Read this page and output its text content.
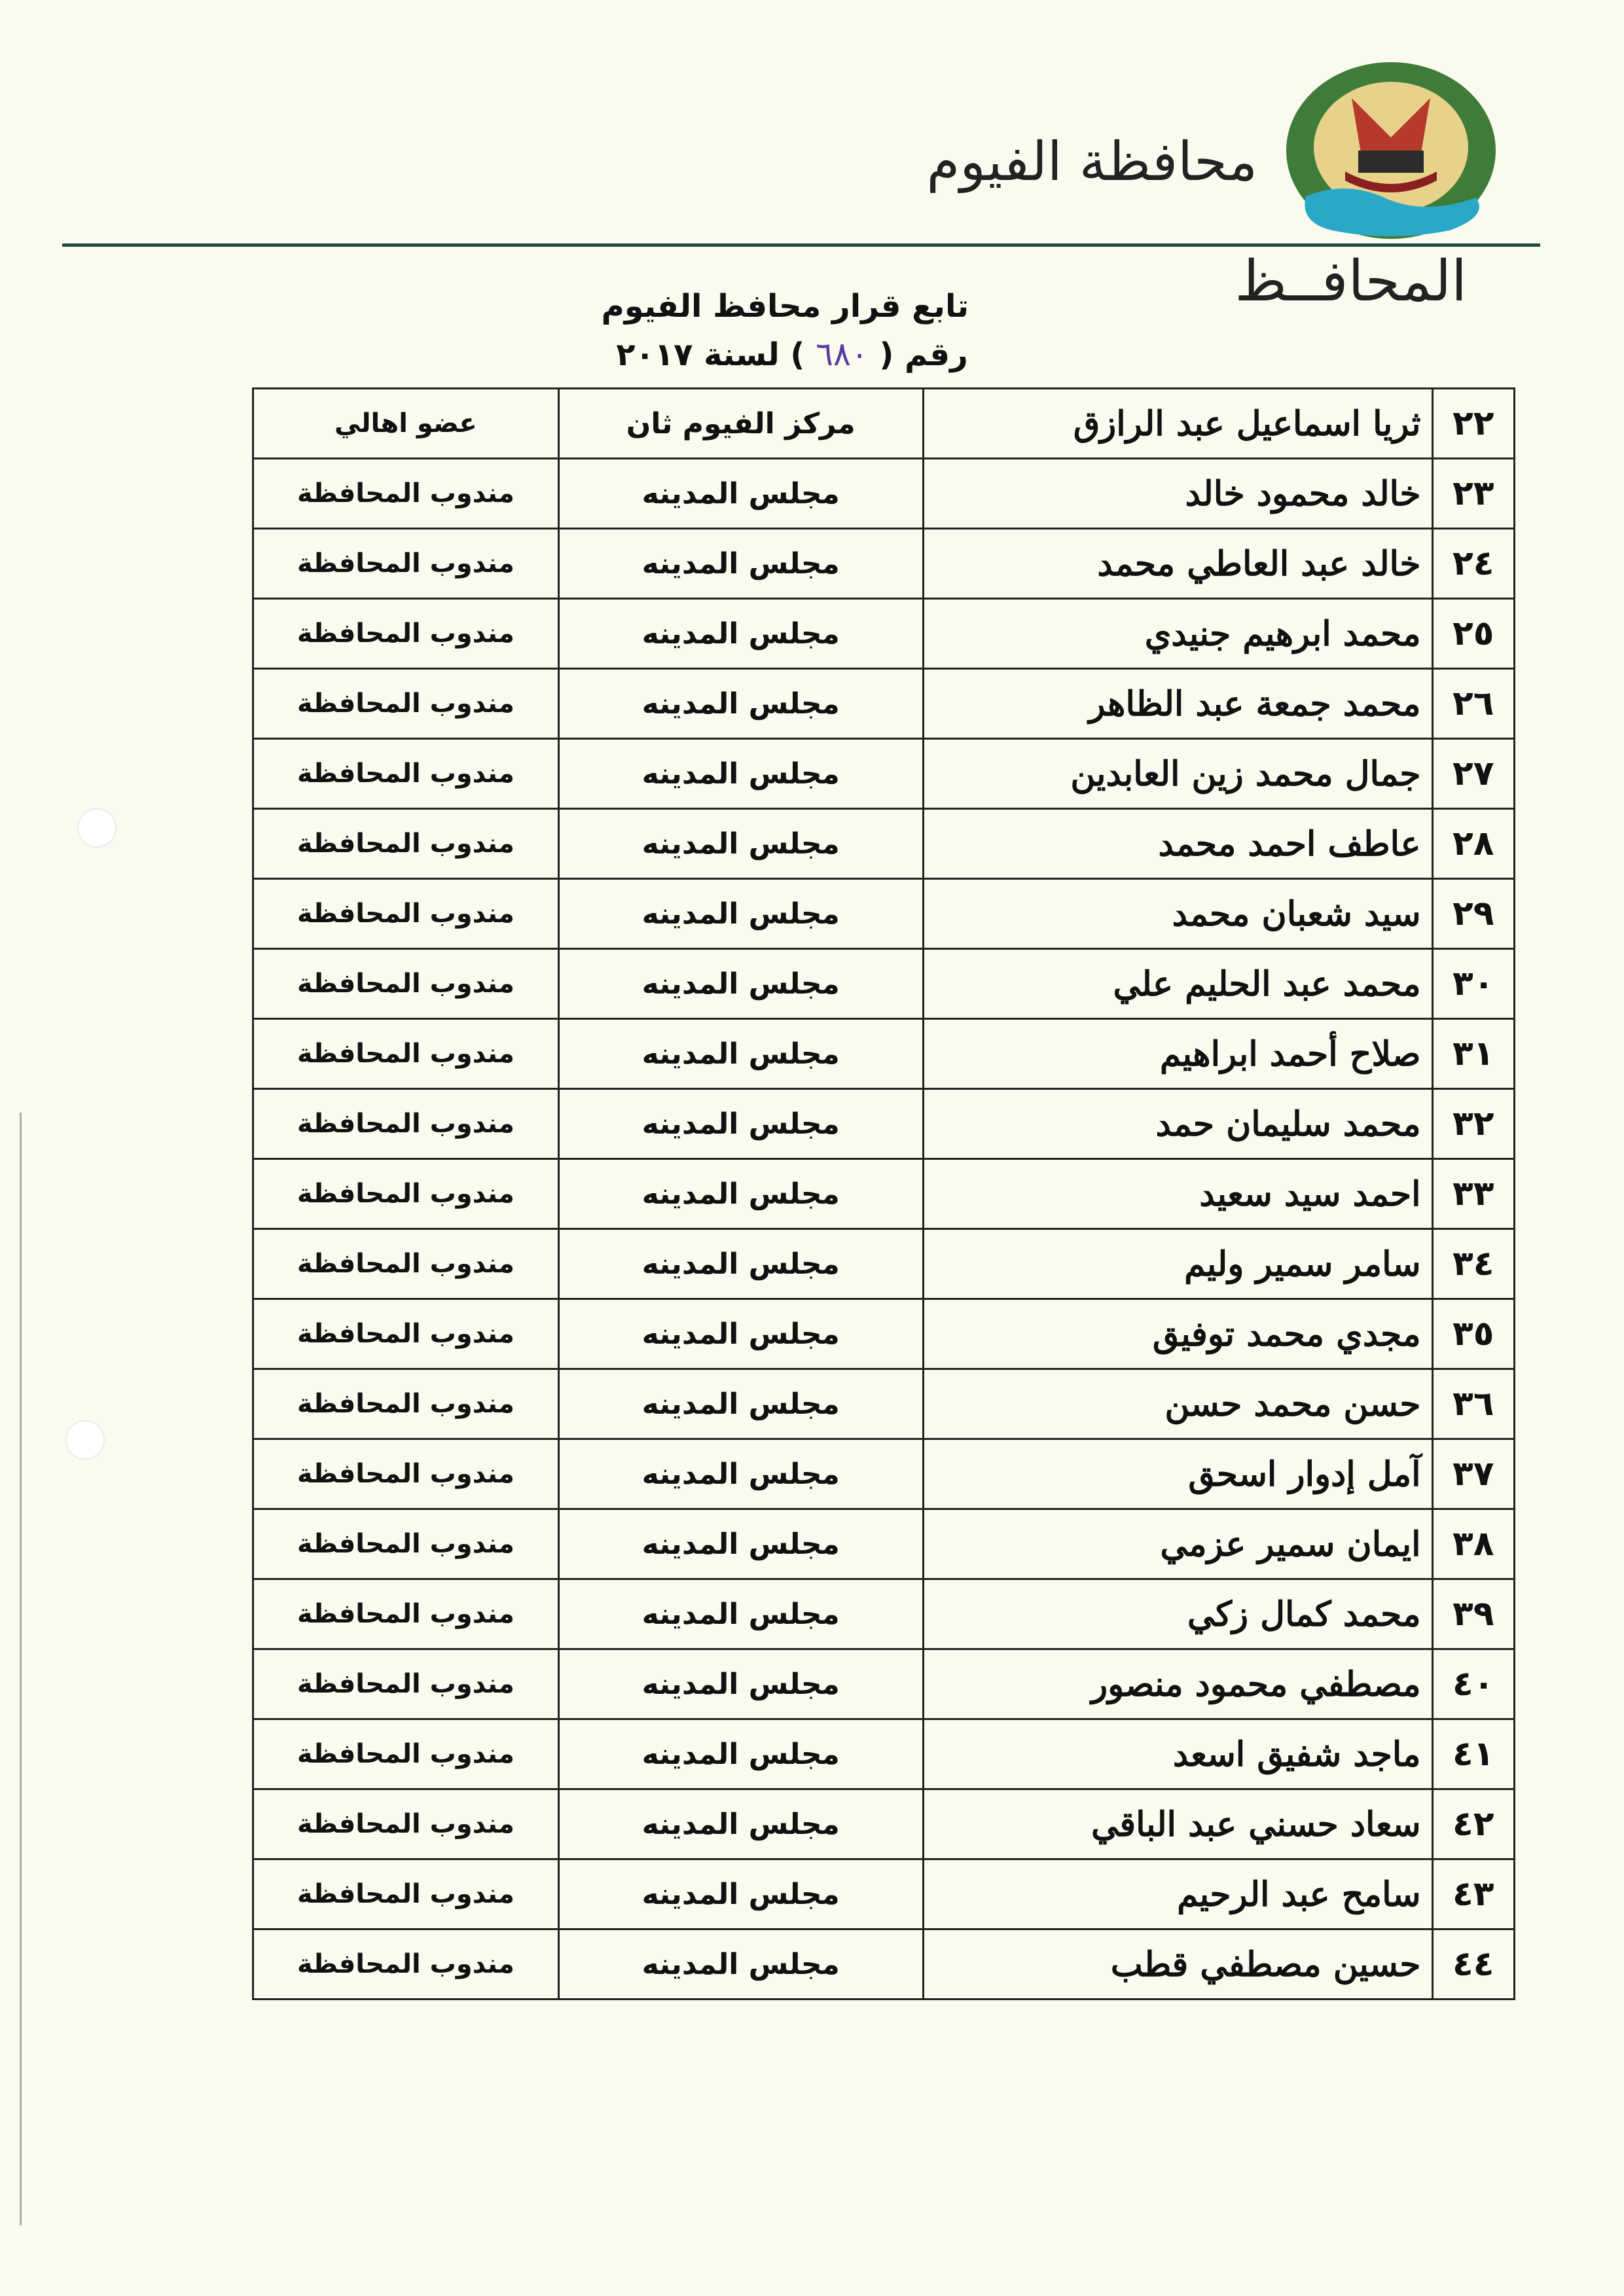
محافظة الفيوم
المحافــظ
تابع قرار محافظ الفيوم
رقم ( ٦٨٠ ) لسنة ٢٠١٧
٢٢	ثريا اسماعيل عبد الرازق	مركز الفيوم ثان	عضو اهالي
٢٣	خالد محمود خالد	مجلس المدينه	مندوب المحافظة
٢٤	خالد عبد العاطي محمد	مجلس المدينه	مندوب المحافظة
٢٥	محمد ابرهيم جنيدي	مجلس المدينه	مندوب المحافظة
٢٦	محمد جمعة عبد الظاهر	مجلس المدينه	مندوب المحافظة
٢٧	جمال محمد زين العابدين	مجلس المدينه	مندوب المحافظة
٢٨	عاطف احمد محمد	مجلس المدينه	مندوب المحافظة
٢٩	سيد شعبان محمد	مجلس المدينه	مندوب المحافظة
٣٠	محمد عبد الحليم علي	مجلس المدينه	مندوب المحافظة
٣١	صلاح أحمد ابراهيم	مجلس المدينه	مندوب المحافظة
٣٢	محمد سليمان حمد	مجلس المدينه	مندوب المحافظة
٣٣	احمد سيد سعيد	مجلس المدينه	مندوب المحافظة
٣٤	سامر سمير وليم	مجلس المدينه	مندوب المحافظة
٣٥	مجدي محمد توفيق	مجلس المدينه	مندوب المحافظة
٣٦	حسن محمد حسن	مجلس المدينه	مندوب المحافظة
٣٧	آمل إدوار اسحق	مجلس المدينه	مندوب المحافظة
٣٨	ايمان سمير عزمي	مجلس المدينه	مندوب المحافظة
٣٩	محمد كمال زكي	مجلس المدينه	مندوب المحافظة
٤٠	مصطفي محمود منصور	مجلس المدينه	مندوب المحافظة
٤١	ماجد شفيق اسعد	مجلس المدينه	مندوب المحافظة
٤٢	سعاد حسني عبد الباقي	مجلس المدينه	مندوب المحافظة
٤٣	سامح عبد الرحيم	مجلس المدينه	مندوب المحافظة
٤٤	حسين مصطفي قطب	مجلس المدينه	مندوب المحافظة
